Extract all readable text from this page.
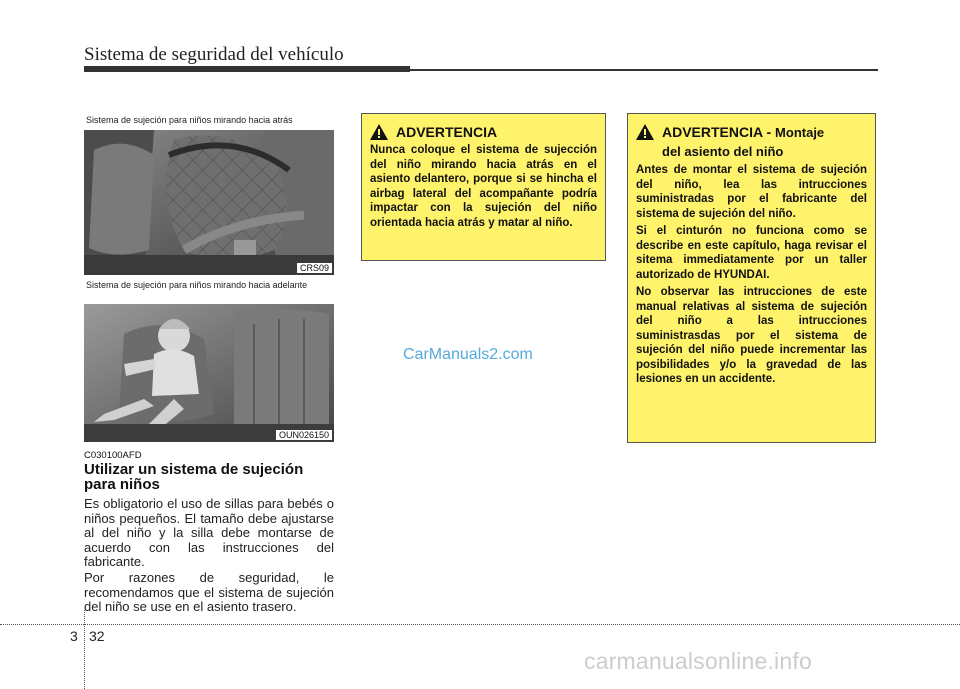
Sistema de seguridad del vehículo
Sistema de sujeción para niños mirando hacia atrás
CRS09
Sistema de sujeción para niños mirando hacia adelante
OUN026150
C030100AFD
Utilizar un sistema de sujeción para niños

Es obligatorio el uso de sillas para bebés o niños pequeños. El tamaño debe ajustarse al del niño y la silla debe montarse de acuerdo con las instrucciones del fabricante.

Por razones de seguridad, le recomendamos que el sistema de sujeción del niño se use en el asiento trasero.

ADVERTENCIA

Nunca coloque el sistema de sujección del niño mirando hacia atrás en el asiento delantero, porque si se hincha el airbag lateral del acompañante podría impactar con la sujeción del niño orientada hacia atrás y matar al niño.

ADVERTENCIA - Montaje
del asiento del niño

Antes de montar el sistema de sujeción del niño, lea las intrucciones suministradas por el fabricante del sistema de sujeción del niño.

Si el cinturón no funciona como se describe en este capítulo, haga revisar el sitema immediatamente por un taller autorizado de HYUNDAI.

No observar las intrucciones de este manual relativas al sistema de sujeción del niño a las intrucciones suministrasdas por el sistema de sujeción del niño puede incrementar las posibilidades y/o la gravedad de las lesiones en un accidente.

CarManuals2.com
3 32
carmanualsonline.info
